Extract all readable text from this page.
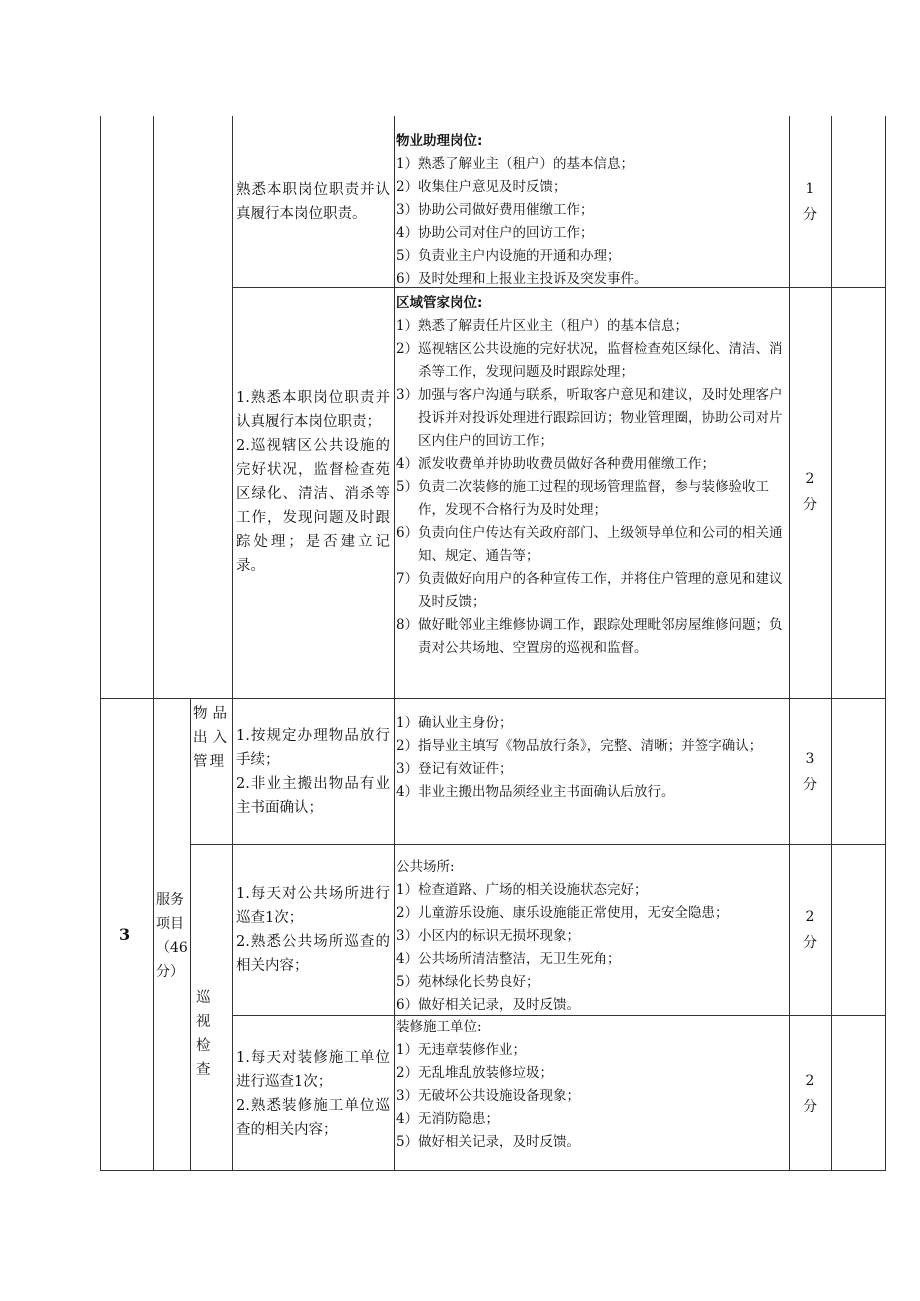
熟悉本职岗位职责并认真履行本岗位职责。
物业助理岗位:
1）熟悉了解业主（租户）的基本信息；
2）收集住户意见及时反馈；
3）协助公司做好费用催缴工作；
4）协助公司对住户的回访工作；
5）负责业主户内设施的开通和办理；
6）及时处理和上报业主投诉及突发事件。
1
分
1.熟悉本职岗位职责并认真履行本岗位职责；
2.巡视辖区公共设施的完好状况，监督检查苑区绿化、清洁、消杀等工作，发现问题及时跟踪处理；是否建立记录。
区域管家岗位:
1）熟悉了解责任片区业主（租户）的基本信息；
2）巡视辖区公共设施的完好状况，监督检查苑区绿化、清洁、消杀等工作，发现问题及时跟踪处理；
3）加强与客户沟通与联系，听取客户意见和建议，及时处理客户投诉并对投诉处理进行跟踪回访；物业管理圈，协助公司对片区内住户的回访工作；
4）派发收费单并协助收费员做好各种费用催缴工作；
5）负责二次装修的施工过程的现场管理监督，参与装修验收工作，发现不合格行为及时处理；
6）负责向住户传达有关政府部门、上级领导单位和公司的相关通知、规定、通告等；
7）负责做好向用户的各种宣传工作，并将住户管理的意见和建议及时反馈；
8）做好毗邻业主维修协调工作，跟踪处理毗邻房屋维修问题；负责对公共场地、空置房的巡视和监督。
2
分
3
服务
项目
（46
分）
物品出入管理
1.按规定办理物品放行手续；
2.非业主搬出物品有业主书面确认；
1）确认业主身份；
2）指导业主填写《物品放行条》，完整、清晰；并签字确认；
3）登记有效证件；
4）非业主搬出物品须经业主书面确认后放行。
3
分
巡视检查
1.每天对公共场所进行巡查1次；
2.熟悉公共场所巡查的相关内容；
公共场所:
1）检查道路、广场的相关设施状态完好；
2）儿童游乐设施、康乐设施能正常使用，无安全隐患；
3）小区内的标识无损坏现象；
4）公共场所清洁整洁，无卫生死角；
5）苑林绿化长势良好；
6）做好相关记录，及时反馈。
2
分
1.每天对装修施工单位进行巡查1次；
2.熟悉装修施工单位巡查的相关内容；
装修施工单位:
1）无违章装修作业；
2）无乱堆乱放装修垃圾；
3）无破坏公共设施设备现象；
4）无消防隐患；
5）做好相关记录，及时反馈。
2
分
